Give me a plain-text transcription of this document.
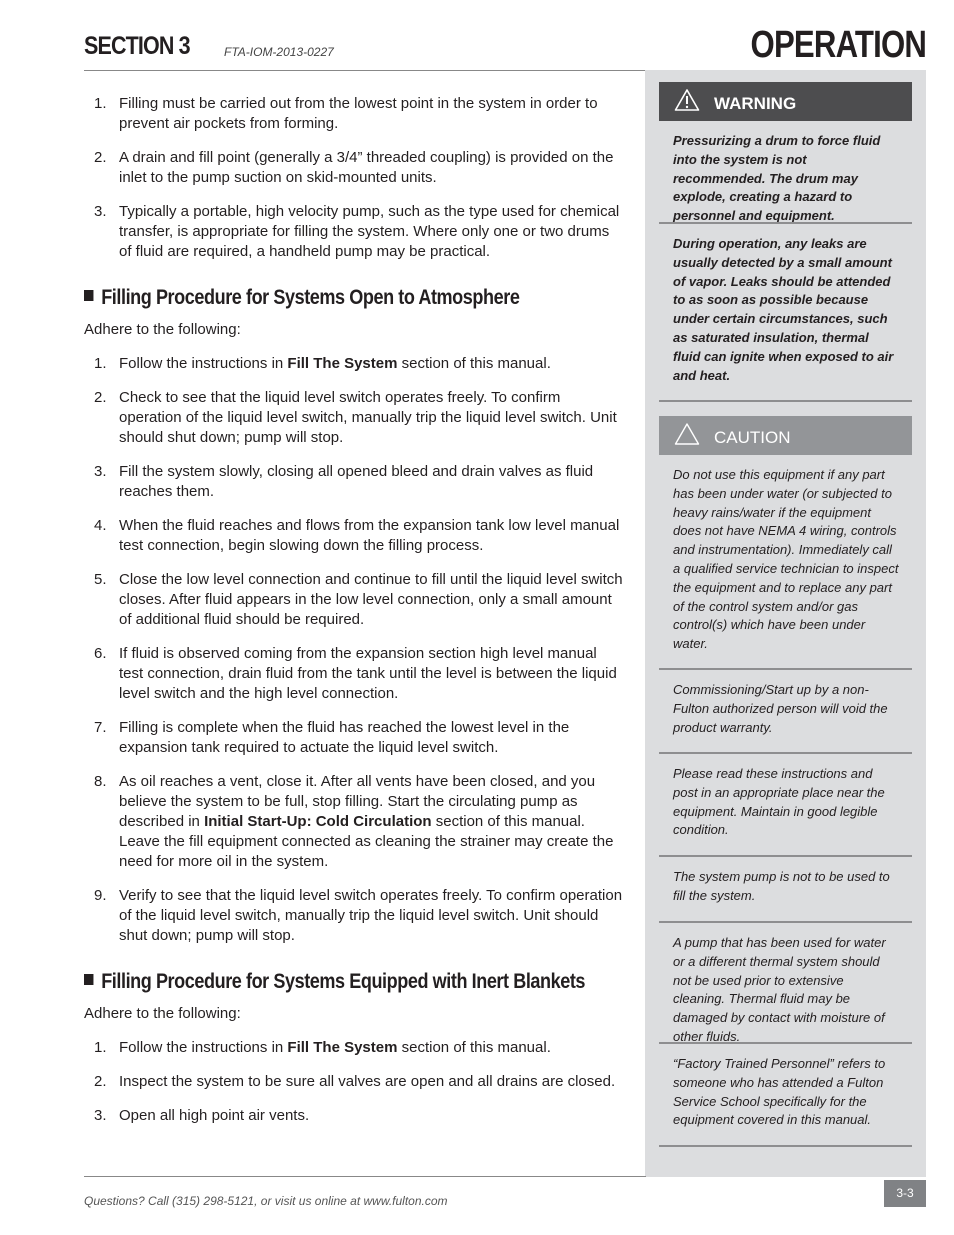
SECTION 3	FTA-IOM-2013-0227	OPERATION
1. Filling must be carried out from the lowest point in the system in order to prevent air pockets from forming.
2. A drain and fill point (generally a 3/4” threaded coupling) is provided on the inlet to the pump suction on skid-mounted units.
3. Typically a portable, high velocity pump, such as the type used for chemical transfer, is appropriate for filling the system. Where only one or two drums of fluid are required, a handheld pump may be practical.
Filling Procedure for Systems Open to Atmosphere

Adhere to the following:

1. Follow the instructions in Fill The System section of this manual.
2. Check to see that the liquid level switch operates freely. To confirm operation of the liquid level switch, manually trip the liquid level switch. Unit should shut down; pump will stop.
3. Fill the system slowly, closing all opened bleed and drain valves as fluid reaches them.
4. When the fluid reaches and flows from the expansion tank low level manual test connection, begin slowing down the filling process.
5. Close the low level connection and continue to fill until the liquid level switch closes. After fluid appears in the low level connection, only a small amount of additional fluid should be required.
6. If fluid is observed coming from the expansion section high level manual test connection, drain fluid from the tank until the level is between the liquid level switch and the high level connection.
7. Filling is complete when the fluid has reached the lowest level in the expansion tank required to actuate the liquid level switch.
8. As oil reaches a vent, close it. After all vents have been closed, and you believe the system to be full, stop filling. Start the circulating pump as described in Initial Start-Up: Cold Circulation section of this manual. Leave the fill equipment connected as cleaning the strainer may create the need for more oil in the system.
9. Verify to see that the liquid level switch operates freely. To confirm operation of the liquid level switch, manually trip the liquid level switch. Unit should shut down; pump will stop.
Filling Procedure for Systems Equipped with Inert Blankets

Adhere to the following:

1. Follow the instructions in Fill The System section of this manual.
2. Inspect the system to be sure all valves are open and all drains are closed.
3. Open all high point air vents.
WARNING
Pressurizing a drum to force fluid into the system is not recommended. The drum may explode, creating a hazard to personnel and equipment.
During operation, any leaks are usually detected by a small amount of vapor. Leaks should be attended to as soon as possible because under certain circumstances, such as saturated insulation, thermal fluid can ignite when exposed to air and heat.
CAUTION
Do not use this equipment if any part has been under water (or subjected to heavy rains/water if the equipment does not have NEMA 4 wiring, controls and instrumentation). Immediately call a qualified service technician to inspect the equipment and to replace any part of the control system and/or gas control(s) which have been under water.
Commissioning/Start up by a non-Fulton authorized person will void the product warranty.
Please read these instructions and post in an appropriate place near the equipment. Maintain in good legible condition.
The system pump is not to be used to fill the system.
A pump that has been used for water or a different thermal system should not be used prior to extensive cleaning. Thermal fluid may be damaged by contact with moisture of other fluids.
“Factory Trained Personnel” refers to someone who has attended a Fulton Service School specifically for the equipment covered in this manual.
Questions? Call (315) 298-5121, or visit us online at www.fulton.com
3-3
